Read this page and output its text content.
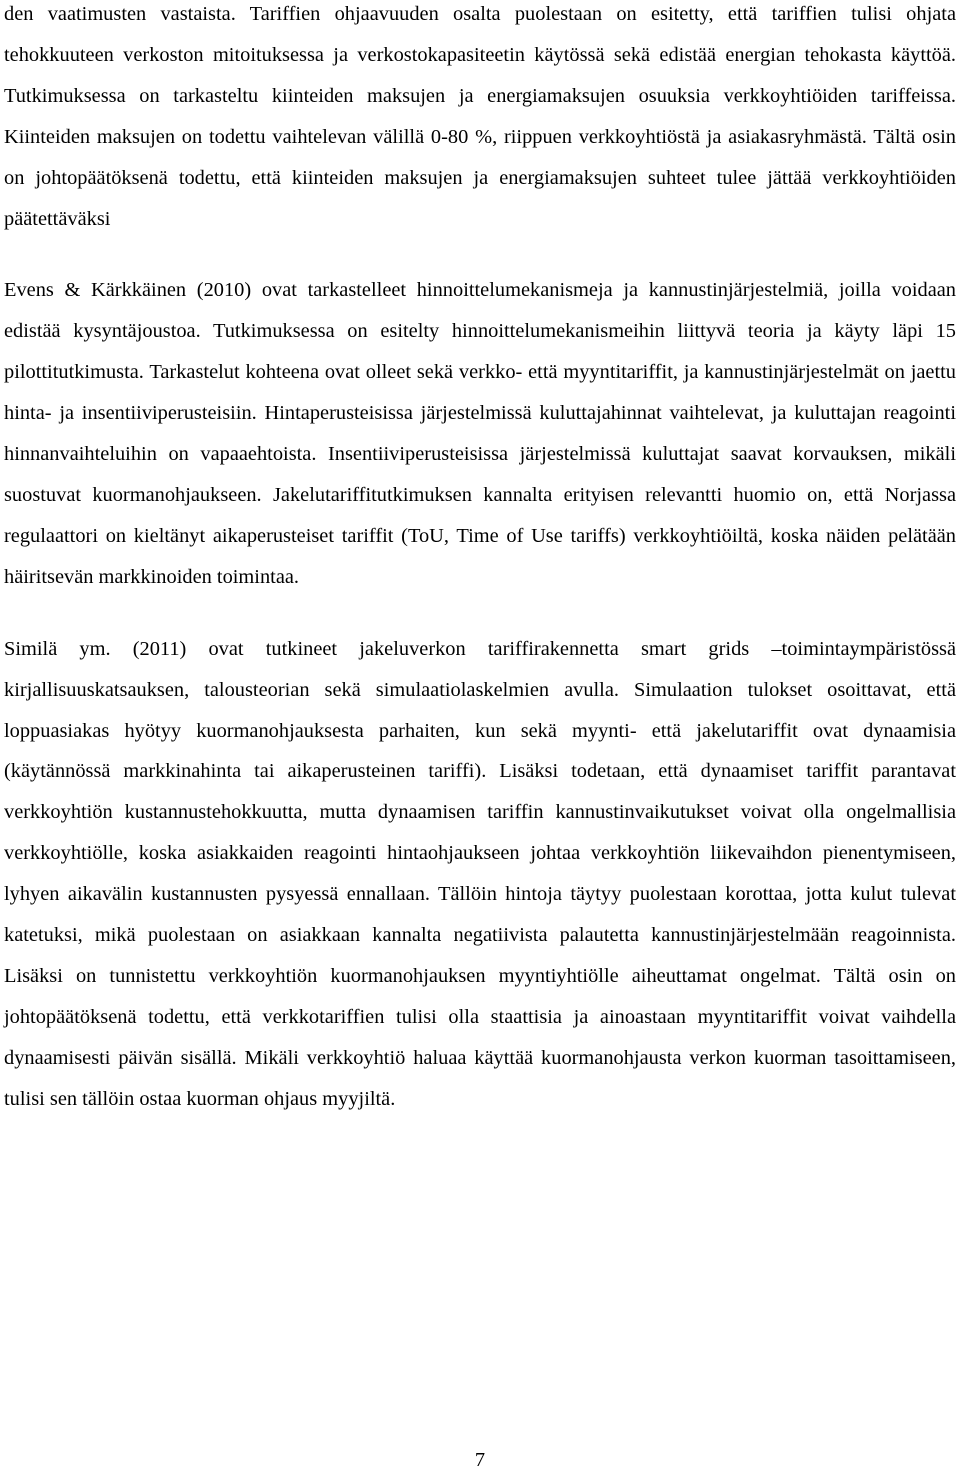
den vaatimusten vastaista. Tariffien ohjaavuuden osalta puolestaan on esitetty, että tariffien tulisi ohjata tehokkuuteen verkoston mitoituksessa ja verkostokapasiteetin käytössä sekä edistää energian tehokasta käyttöä. Tutkimuksessa on tarkasteltu kiinteiden maksujen ja energiamaksujen osuuksia verkkoyhtiöiden tariffeissa. Kiinteiden maksujen on todettu vaihtelevan välillä 0-80 %, riippuen verkkoyhtiöstä ja asiakasryhmästä. Tältä osin on johtopäätöksenä todettu, että kiinteiden maksujen ja energiamaksujen suhteet tulee jättää verkkoyhtiöiden päätettäväksi

Evens & Kärkkäinen (2010) ovat tarkastelleet hinnoittelumekanismeja ja kannustinjärjestelmiä, joilla voidaan edistää kysyntäjoustoa. Tutkimuksessa on esitelty hinnoittelumekanismeihin liittyvä teoria ja käyty läpi 15 pilottitutkimusta. Tarkastelut kohteena ovat olleet sekä verkko- että myyntitariffit, ja kannustinjärjestelmät on jaettu hinta- ja insentiiviperusteisiin. Hintaperusteisissa järjestelmissä kuluttajahinnat vaihtelevat, ja kuluttajan reagointi hinnanvaihteluihin on vapaaehtoista. Insentiiviperusteisissa järjestelmissä kuluttajat saavat korvauksen, mikäli suostuvat kuormanohjaukseen. Jakelutariffitutkimuksen kannalta erityisen relevantti huomio on, että Norjassa regulaattori on kieltänyt aikaperusteiset tariffit (ToU, Time of Use tariffs) verkkoyhtiöiltä, koska näiden pelätään häiritsevän markkinoiden toimintaa.

Similä ym. (2011) ovat tutkineet jakeluverkon tariffirakennetta smart grids –toimintaympäristössä kirjallisuuskatsauksen, talousteorian sekä simulaatiolaskelmien avulla. Simulaation tulokset osoittavat, että loppuasiakas hyötyy kuormanohjauksesta parhaiten, kun sekä myynti- että jakelutariffit ovat dynaamisia (käytännössä markkinahinta tai aikaperusteinen tariffi). Lisäksi todetaan, että dynaamiset tariffit parantavat verkkoyhtiön kustannustehokkuutta, mutta dynaamisen tariffin kannustinvaikutukset voivat olla ongelmallisia verkkoyhtiölle, koska asiakkaiden reagointi hintaohjaukseen johtaa verkkoyhtiön liikevaihdon pienentymiseen, lyhyen aikavälin kustannusten pysyessä ennallaan. Tällöin hintoja täytyy puolestaan korottaa, jotta kulut tulevat katetuksi, mikä puolestaan on asiakkaan kannalta negatiivista palautetta kannustinjärjestelmään reagoinnista. Lisäksi on tunnistettu verkkoyhtiön kuormanohjauksen myyntiyhtiölle aiheuttamat ongelmat. Tältä osin on johtopäätöksenä todettu, että verkkotariffien tulisi olla staattisia ja ainoastaan myyntitariffit voivat vaihdella dynaamisesti päivän sisällä. Mikäli verkkoyhtiö haluaa käyttää kuormanohjausta verkon kuorman tasoittamiseen, tulisi sen tällöin ostaa kuorman ohjaus myyjiltä.

7
